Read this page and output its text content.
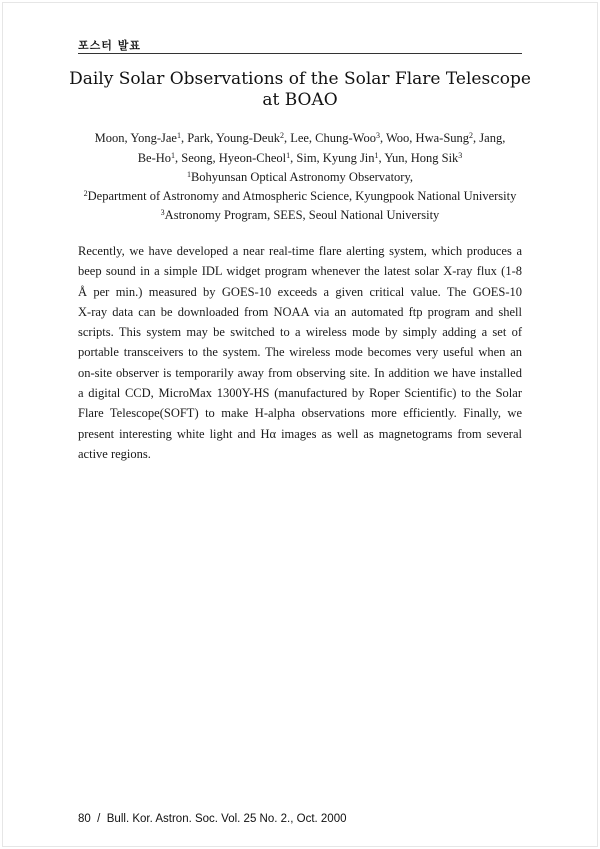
포스터 발표
Daily Solar Observations of the Solar Flare Telescope
at BOAO
Moon, Yong-Jae$^1$, Park, Young-Deuk$^2$, Lee, Chung-Woo$^3$, Woo, Hwa-Sung$^2$, Jang,
Be-Ho$^1$, Seong, Hyeon-Cheol$^1$, Sim, Kyung Jin$^1$, Yun, Hong Sik$^3$
$^1$Bohyunsan Optical Astronomy Observatory,
$^2$Department of Astronomy and Atmospheric Science, Kyungpook National University
$^3$Astronomy Program, SEES, Seoul National University
Recently, we have developed a near real-time flare alerting system, which produces a
beep sound in a simple IDL widget program whenever the latest solar X-ray flux (1-8
Å per min.) measured by GOES-10 exceeds a given critical value. The GOES-10
X-ray data can be downloaded from NOAA via an automated ftp program and shell
scripts. This system may be switched to a wireless mode by simply adding a set of
portable transceivers to the system. The wireless mode becomes very useful when an
on-site observer is temporarily away from observing site. In addition we have installed
a digital CCD, MicroMax 1300Y-HS (manufactured by Roper Scientific) to the Solar
Flare Telescope(SOFT) to make H-alpha observations more efficiently. Finally, we
present interesting white light and Hα images as well as magnetograms from several
active regions.
80  /  Bull. Kor. Astron. Soc. Vol. 25 No. 2., Oct. 2000
